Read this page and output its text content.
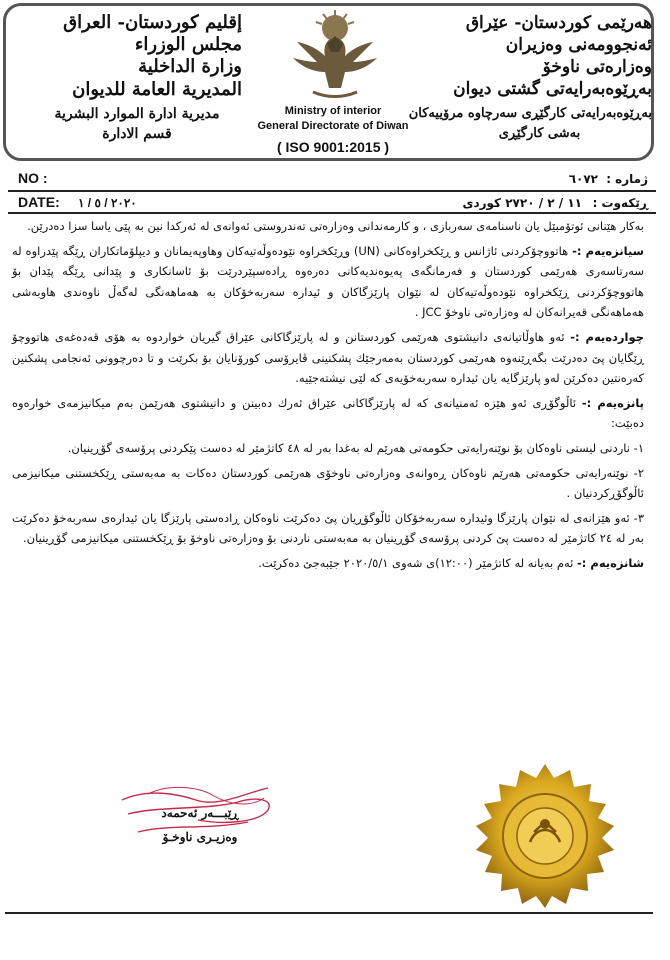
إقليم كوردستان- العراق
مجلس الوزراء
وزارة الداخلية
المديرية العامة للديوان
مديرية ادارة الموارد البشرية
قسم الادارة
هەرێمی کوردستان- عێراق
ئەنجوومەنی وەزیران
وەزارەتی ناوخۆ
بەڕێوەبەرایەتی گشتی دیوان
بەڕێوەبەرایەتی کارگێڕی سەرچاوە مرۆییەکان
بەشی کارگێڕی
Ministry of interior
General Directorate of Diwan
( ISO 9001:2015 )
NO :
DATE: ٢٠٢٠ / ٥ / ١
ژمارە :
٦٠٧٢
ڕێکەوت :
١١ / ٢ / ٢٧٢٠ کوردی

بەکار هێنانی ئوتۆمبێل یان ناسنامەی سەربازی ، و کارمەندانی وەزارەتی تەندروستی ئەوانەی لە ئەرکدا نین بە پێی یاسا سزا دەدرێن.

سیانزەیەم :- هاتووچۆکردنی ئاژانس و ڕێکخراوەکانی (UN) وڕێکخراوە نێودەوڵەتیەکان وهاوپەیمانان و دیپلۆماتکاران ڕێگە پێدراوە لە سەرتاسەری هەرێمی کوردستان و فەرمانگەی پەیوەندیەکانی دەرەوە ڕادەسپێردرێت بۆ ئاسانکاری و پێدانی ڕێگە پێدان بۆ هاتووچۆکردنی ڕێکخراوە نێودەوڵەتیەکان لە نێوان پارێزگاکان و ئیدارە سەربەخۆکان بە هەماهەنگی لەگەڵ ناوەندی هاوبەشی هەماهەنگی قەیرانەکان لە وەزارەتی ناوخۆ JCC .

چواردەیەم :- ئەو هاوڵاتیانەی دانیشتوی هەرێمی کوردستانن و لە پارێزگاکانی عێراق گیریان خواردوە بە هۆی قەدەغەی هاتووچۆ ڕێگایان پێ دەدرێت بگەڕێنەوە هەرێمی کوردستان بەمەرجێك پشکنینی ڤایرۆسی کورۆنایان بۆ بکرێت و تا دەرچوونی ئەنجامی پشکنین کەرەنتین دەکرێن لەو پارێزگایە یان ئیدارە سەربەخۆیەی کە لێی نیشتەجێیە.

پانزەیەم :- ئاڵوگۆڕی ئەو هێزە ئەمنیانەی کە لە پارێزگاکانی عێراق ئەرك دەبینن و دانیشتوی هەرێمن بەم میکانیزمەی خوارەوە دەبێت:

١- ناردنی لیستی ناوەکان بۆ نوێنەرایەتی حکومەتی هەرێم لە بەغدا بەر لە ٤٨ کاتژمێر لە دەست پێکردنی پرۆسەی گۆڕینیان.

٢- نوێنەرایەتی حکومەتی هەرێم ناوەکان ڕەوانەی وەزارەتی ناوخۆی هەرێمی کوردستان دەکات بە مەبەستی ڕێکخستنی میکانیزمی ئاڵوگۆڕکردنیان .

٣- ئەو هێزانەی لە نێوان پارێزگا وئیدارە سەربەخۆکان ئاڵوگۆڕیان پێ دەکرێت ناوەکان ڕادەستی پارێزگا یان ئیدارەی سەربەخۆ دەکرێت بەر لە ٢٤ کاتژمێر لە دەست پێ کردنی پرۆسەی گۆڕینیان بە مەبەستی ناردنی بۆ وەزارەتی ناوخۆ بۆ ڕێکخستنی میکانیزمی گۆڕینیان.

شانزەیەم :- ئەم بەیانە لە کاتژمێر (١٢:٠٠)ی شەوی ٢٠٢٠/٥/١ جێبەجێ دەکرێت.

ڕێبـــەر ئەحمەد
وەزیـری ناوخـۆ
